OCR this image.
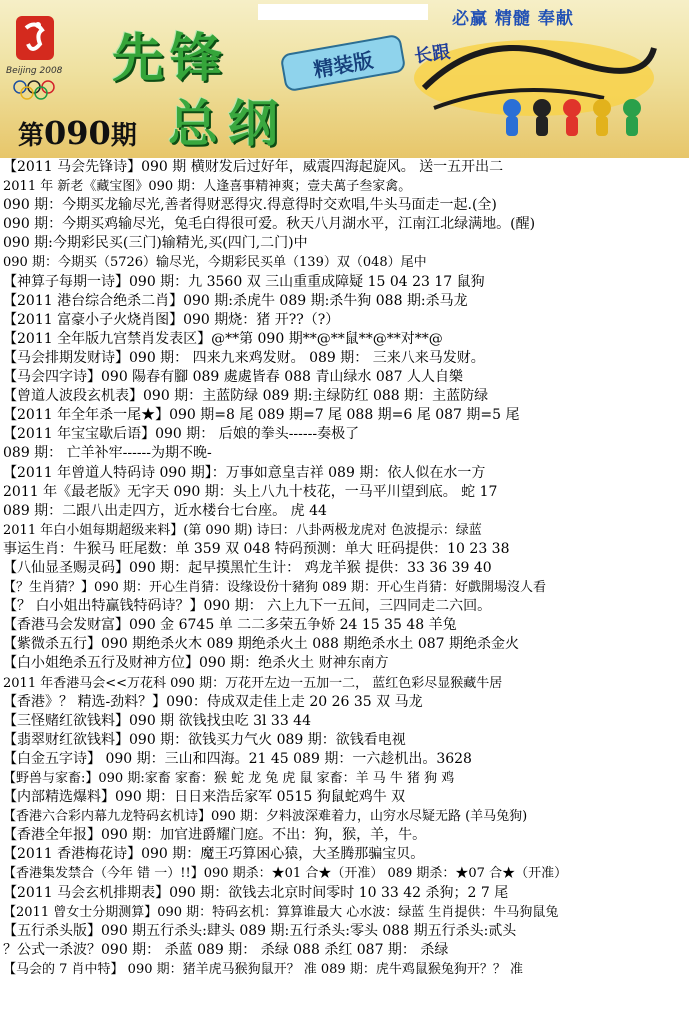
必赢 精髓 奉献
Beijing 2008 先锋	精装版
总纲
第090期
长跟
【2011 马会先锋诗】090 期 横财发后过好年，威震四海起旋风。 送一五开出二
2011 年 新老《藏宝图》090 期：人逢喜事精神爽；壹夫萬子叁家禽。
090 期：今期买龙输尽光,善者得财恶得灾.得意得时交欢唱,牛头马面走一起.(全)
090 期：今期买鸡输尽光，兔毛白得很可爱。秋天八月湖水平，江南江北绿满地。(醒)
090 期:今期彩民买(三门)输精光,买(四门,二门)中
090 期：今期买（5726）输尽光，今期彩民买单（139）双（048）尾中
【神算子每期一诗】090 期：九 3560 双 三山重重成障疑 15 04 23 17 鼠狗
【2011 港台综合绝杀二肖】090 期:杀虎牛 089 期:杀牛狗 088 期:杀马龙
【2011 富豪小子火烧肖图】090 期烧：猪 开??（?）
【2011 全年版九宫禁肖发表区】@**第 090 期**@**鼠**@**对**@
【马会排期发财诗】090 期： 四来九来鸡发财。 089 期： 三来八来马发财。
【马会四字诗】090 陽春有腳 089 處處皆春 088 青山绿水 087 人人自樂
【曾道人波段玄机表】090 期：主蓝防绿 089 期:主绿防红 088 期：主蓝防绿
【2011 年全年杀一尾★】090 期=8 尾 089 期=7 尾 088 期=6 尾 087 期=5 尾
【2011 年宝宝歇后语】090 期： 后娘的拳头------奏极了
089 期： 亡羊补牢------为期不晚-
【2011 年曾道人特码诗 090 期】：万事如意皇吉祥 089 期：依人似在水一方
2011 年《最老版》无字天 090 期：头上八九十枝花，一马平川望到底。 蛇 17
089 期：二跟八出走四方，近水楼台七台座。 虎 44
2011 年白小姐每期超级来料】(第 090 期) 诗曰：八卦两极龙虎对 色波提示：绿蓝
事运生肖：牛猴马 旺尾数：单 359 双 048 特码预测：单大 旺码提供：10 23 38
【八仙显圣赐灵码】090 期：起早摸黑忙生计： 鸡龙羊猴 提供：33 36 39 40
【？生肖猜？】090 期：开心生肖猜：设缘设份十豬狗 089 期：开心生肖猜：好戲開場沒人看
【？ 白小姐出特赢钱特码诗？】090 期： 六上九下一五间，三四同走二六回。
【香港马会发财富】090 金 6745 单 二二多荣五争娇 24 15 35 48 羊兔
【紫微杀五行】090 期绝杀火木 089 期绝杀火土 088 期绝杀水土 087 期绝杀金火
【白小姐绝杀五行及财神方位】090 期：绝杀火土 财神东南方
2011 年香港马会<<万花科 090 期：万花开左边一五加一二， 蓝红色彩尽显猴藏牛居
【香港》？ 精选-劲料？】090：侍成双走佳上走 20 26 35 双 马龙
【三怪赌红欲钱料】090 期 欲钱找虫吃 3l 33 44
【翡翠财红欲钱料】090 期：欲钱买力气火 089 期：欲钱看电视
【白金五字诗】 090 期：三山和四海。21 45 089 期：一六趁机出。3628
【野兽与家畜:】090 期:家畜 家畜：猴 蛇 龙 兔 虎 鼠 家畜：羊 马 牛 猪 狗 鸡
【内部精选爆料】090 期：日日来浩岳家军 0515 狗鼠蛇鸡牛 双
【香港六合彩内幕九龙特码玄机诗】090 期：夕料波深难着力，山穷水尽疑无路 (羊马兔狗)
【香港全年报】090 期：加官进爵耀门庭。不出：狗，猴，羊，牛。
【2011 香港梅花诗】090 期：魔王巧算困心猿，大圣腾那骗宝贝。
【香港集发禁合（今年 错 一）!!】090 期杀：★01 合★（开准） 089 期杀：★07 合★（开准）
【2011 马会玄机排期表】090 期：欲钱去北京时间零时 10 33 42 杀狗；2 7 尾
【2011 曾女士分期测算】090 期：特码玄机：算算谁最大 心水波：绿蓝 生肖提供：牛马狗鼠兔
【五行杀头版】090 期五行杀头:肆头 089 期:五行杀头:零头 088 期五行杀头:贰头
？公式一杀波？090 期： 杀蓝 089 期： 杀绿 088 杀红 087 期： 杀绿
【马会的 7 肖中特】 090 期：猪羊虎马猴狗鼠开？ 准 089 期：虎牛鸡鼠猴兔狗开？？ 准
